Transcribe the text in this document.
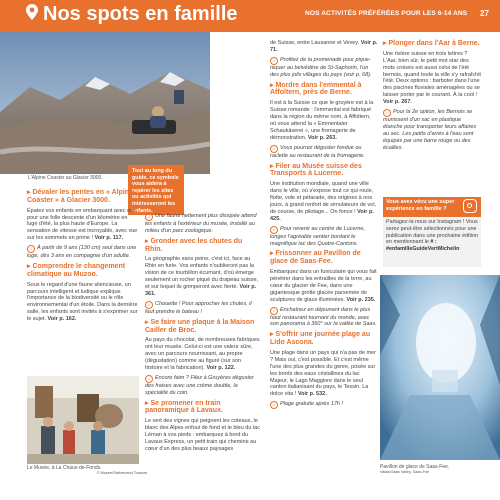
Nos spots en famille	NOS ACTIVITÉS PRÉFÉRÉES POUR LES 6-14 ANS 27
L'Alpine Coaster au Glacier 3000.
Tout au long du guide, ce symbole vous aidera à repérer les sites ou activités qui intéresseront les enfants.

▸ Dévaler les pentes en « Alpine Coaster » à Glacier 3000.

Épatez vos enfants en embarquant avec eux pour une folle descente d'un kilomètre en luge d'été, la plus haute d'Europe. La sensation de vitesse est incroyable, avec vue sur les sommets en prime ! Voir p. 117.

☺ À partir de 9 ans (130 cm) seul dans une luge, dès 3 ans en compagnie d'un adulte.

▸ Comprendre le changement climatique au Muzoo.

Sous le regard d'une faune silencieuse, un parcours intelligent et ludique explique l'importance de la biodiversité ou le rôle environnemental d'un étoile. Dans la dernière salle, les enfants sont invités à s'exprimer sur le sujet. Voir p. 162.

Le Musée, à La Chaux-de-Fonds.
© Musée/Switzerland Tourism

☺ Une faune nettement plus dissipée attend les enfants à l'extérieur du musée, installé au milieu d'un parc zoologique.

▸ Gronder avec les chutes du Rhin.

La géographie sans peine, c'est ici, face au Rhin en furie. Vos enfants n'oublieront pas la vision de ce tourbillon écumant, d'où émerge seulement un rocher piqué du drapeau suisse, et sur lequel ils grimperont avec fierté. Voir p. 361.

☺ Chouette ! Pour approcher les chutes, il faut prendre le bateau !

▸ Se faire une plaque à la Maison Cailler de Broc.

Au pays du chocolat, de nombreuses fabriques ont leur musée. Celui-ci est une valeur sûre, avec un parcours nourrissant, au propre (dégustation) comme au figuré (sur son histoire et la fabrication). Voir p. 122.

☺ Encore faim ? Filez à Gruyères déguster des fraises avec une crème double, la spécialité du coin.

▸ Se promener en train panoramique à Lavaux.

Le vert des vignes qui peignent les coteaux, le blanc des Alpes enfoui de fond et le bleu du lac Léman à vos pieds : embarquez à bord du Lavaux Express, un petit train qui chemine au cœur d'un des plus beaux paysages

de Suisse, entre Lausanne et Vevey. Voir p. 71.

☺ Profitez de la promenade pour pique-niquer au belvédère de St-Saphorin, l'un des plus jolis villages du pays (voir p. 68).

▸ Mordre dans l'emmental à Affoltern, près de Berne.

Il est à la Suisse ce que le gruyère est à la Suisse romande : l'emmental est fabriqué dans la région du même nom, à Affoltern, où vous attend la « Emmentaler Schaukäserei », une fromagerie de démonstration. Voir p. 263.

☺ Vous pourrez déguster fondue ou raclette au restaurant de la fromagerie.

▸ Filer au Musée suisse des Transports à Lucerne.

Une institution mondiale, quand une ville dans le ville, où s'expose tout ce qui roule, flotte, vole et pétarade, des origines à nos jours, à grand renfort de simulateurs de vol, de course, de pilotage... On fonce ! Voir p. 425.

☺ Pour revenir au centre de Lucerne, longez l'agréable sentier bordant le magnifique lac des Quatre-Cantons.

▸ Frissonner au Pavillon de glace de Saas-Fee.

Embarquez dans un funiculaire qui vous fait pénétrer dans les entrailles de la terre, au cœur du glacier de Fee, dans une gigantesque grotte glacée parsemée de sculptures de glace illuminées. Voir p. 235.

☺ Enchaînez en déjeunant dans le plus haut restaurant tournant du monde, avec son panorama à 360° sur la vallée de Saas.

▸ S'offrir une journée plage au Lido Ascona.

Une plage dans un pays qui n'a pas de mer ? Mais oui, c'est possible. Et c'est même l'une des plus grandes du genre, posée sur les bords des eaux cristallines du lac Majeur, le Lago Maggiore dans le seul canton italianisant du pays, le Tessin. La dolce vita ! Voir p. 532.

☺ Plage gratuite après 17h !

▸ Plonger dans l'Aar à Berne.

Une rivière suisse en trois lettres ? L'Aar, bien sûr, le petit mot star des mots croisés est aussi celui de l'été bernois, quand toute la ville s'y rafraîchit l'été. Deux options : barboter dans l'une des piscines fluviales aménagées ou se laisser porter par le courant. À la cool ! Voir p. 267.

☺ Pour la 2e option, les Bernois se munissent d'un sac en plastique étanche pour transporter leurs affaires au sec. Les petits d'arrés à l'eau sont équipés par une barre rouge ou des écailles.

Vous avez vécu une super expérience en famille ?
Partagez-la nous sur Instagram ! Vous serez peut-être sélectionnés pour une publication dans une prochaine édition en mentionnant le # : #enfamilleGuideVertMichelin
Pavillon de glace de Saas-Fee.
Valais/Saas Valley, Saas-Fee
